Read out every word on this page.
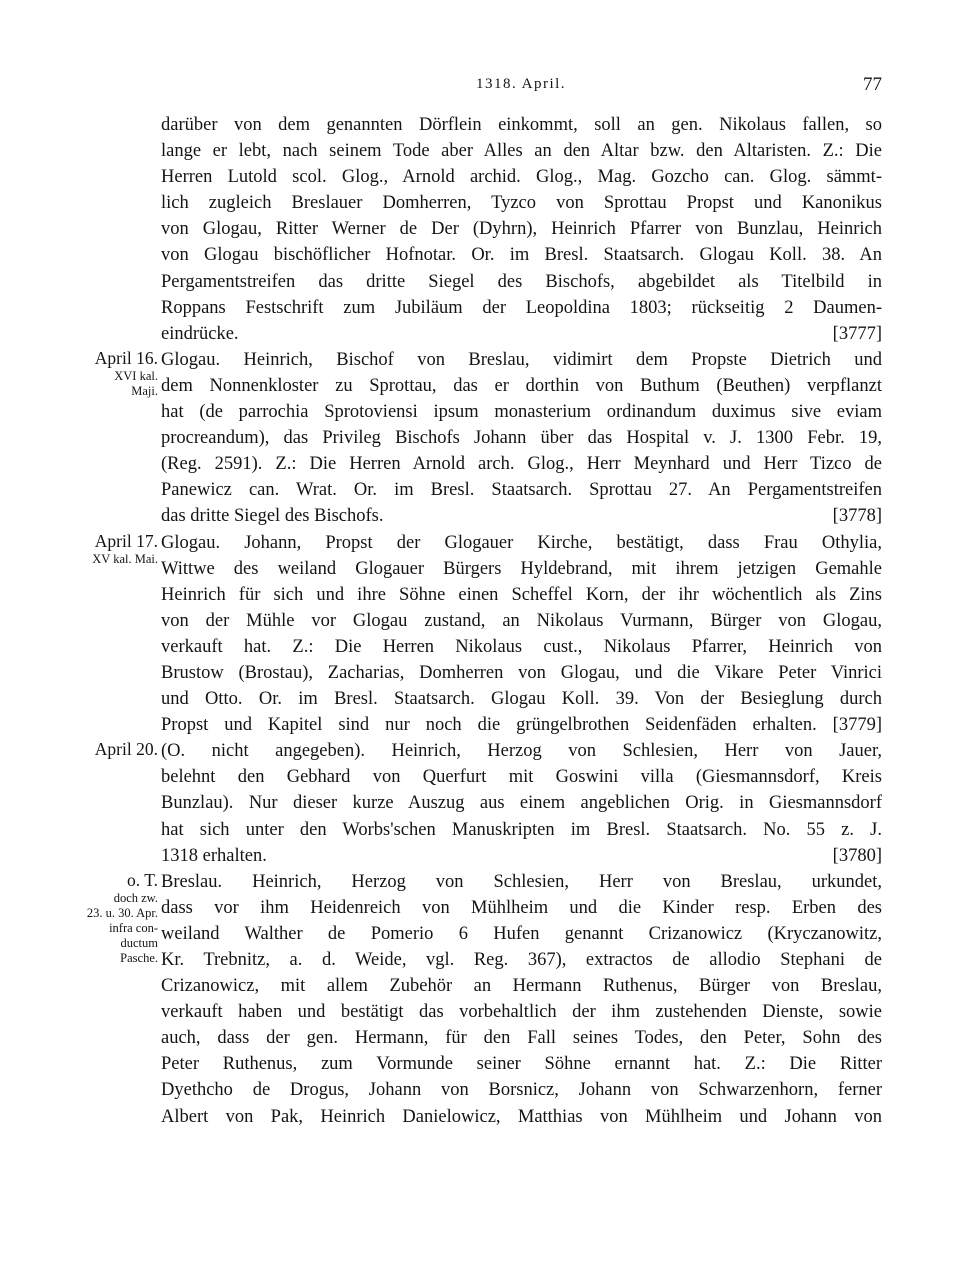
1318. April.	77
darüber von dem genannten Dörflein einkommt, soll an gen. Nikolaus fallen, so
lange er lebt, nach seinem Tode aber Alles an den Altar bzw. den Altaristen. Z.: Die
Herren Lutold scol. Glog., Arnold archid. Glog., Mag. Gozcho can. Glog. sämmt-
lich zugleich Breslauer Domherren, Tyzco von Sprottau Propst und Kanonikus
von Glogau, Ritter Werner de Der (Dyhrn), Heinrich Pfarrer von Bunzlau, Heinrich
von Glogau bischöflicher Hofnotar. Or. im Bresl. Staatsarch. Glogau Koll. 38. An
Pergamentstreifen das dritte Siegel des Bischofs, abgebildet als Titelbild in
Roppans Festschrift zum Jubiläum der Leopoldina 1803; rückseitig 2 Daumen-
eindrücke.	[3777]
April 16.
XVI kal.
Maji.
Glogau. Heinrich, Bischof von Breslau, vidimirt dem Propste Dietrich und
dem Nonnenkloster zu Sprottau, das er dorthin von Buthum (Beuthen) verpflanzt
hat (de parrochia Sprotoviensi ipsum monasterium ordinandum duximus sive eviam
procreandum), das Privileg Bischofs Johann über das Hospital v. J. 1300 Febr. 19,
(Reg. 2591). Z.: Die Herren Arnold arch. Glog., Herr Meynhard und Herr Tizco de
Panewicz can. Wrat. Or. im Bresl. Staatsarch. Sprottau 27. An Pergamentstreifen
das dritte Siegel des Bischofs.	[3778]
April 17.
XV kal. Mai.
Glogau. Johann, Propst der Glogauer Kirche, bestätigt, dass Frau Othylia,
Wittwe des weiland Glogauer Bürgers Hyldebrand, mit ihrem jetzigen Gemahle
Heinrich für sich und ihre Söhne einen Scheffel Korn, der ihr wöchentlich als Zins
von der Mühle vor Glogau zustand, an Nikolaus Vurmann, Bürger von Glogau,
verkauft hat. Z.: Die Herren Nikolaus cust., Nikolaus Pfarrer, Heinrich von
Brustow (Brostau), Zacharias, Domherren von Glogau, und die Vikare Peter Vinrici
und Otto. Or. im Bresl. Staatsarch. Glogau Koll. 39. Von der Besieglung durch
Propst und Kapitel sind nur noch die grüngelbrothen Seidenfäden erhalten. [3779]
April 20. (O. nicht angegeben). Heinrich, Herzog von Schlesien, Herr von Jauer,
belehnt den Gebhard von Querfurt mit Goswini villa (Giesmannsdorf, Kreis
Bunzlau). Nur dieser kurze Auszug aus einem angeblichen Orig. in Giesmannsdorf
hat sich unter den Worbs'schen Manuskripten im Bresl. Staatsarch. No. 55 z. J.
1318 erhalten.	[3780]
o. T.
doch zw.
23. u. 30. Apr.
infra con-
ductum
Pasche.
Breslau. Heinrich, Herzog von Schlesien, Herr von Breslau, urkundet,
dass vor ihm Heidenreich von Mühlheim und die Kinder resp. Erben des
weiland Walther de Pomerio 6 Hufen genannt Crizanowicz (Kryczanowitz,
Kr. Trebnitz, a. d. Weide, vgl. Reg. 367), extractos de allodio Stephani de
Crizanowicz, mit allem Zubehör an Hermann Ruthenus, Bürger von Breslau,
verkauft haben und bestätigt das vorbehaltlich der ihm zustehenden Dienste, sowie
auch, dass der gen. Hermann, für den Fall seines Todes, den Peter, Sohn des
Peter Ruthenus, zum Vormunde seiner Söhne ernannt hat. Z.: Die Ritter
Dyethcho de Drogus, Johann von Borsnicz, Johann von Schwarzenhorn, ferner
Albert von Pak, Heinrich Danielowicz, Matthias von Mühlheim und Johann von
